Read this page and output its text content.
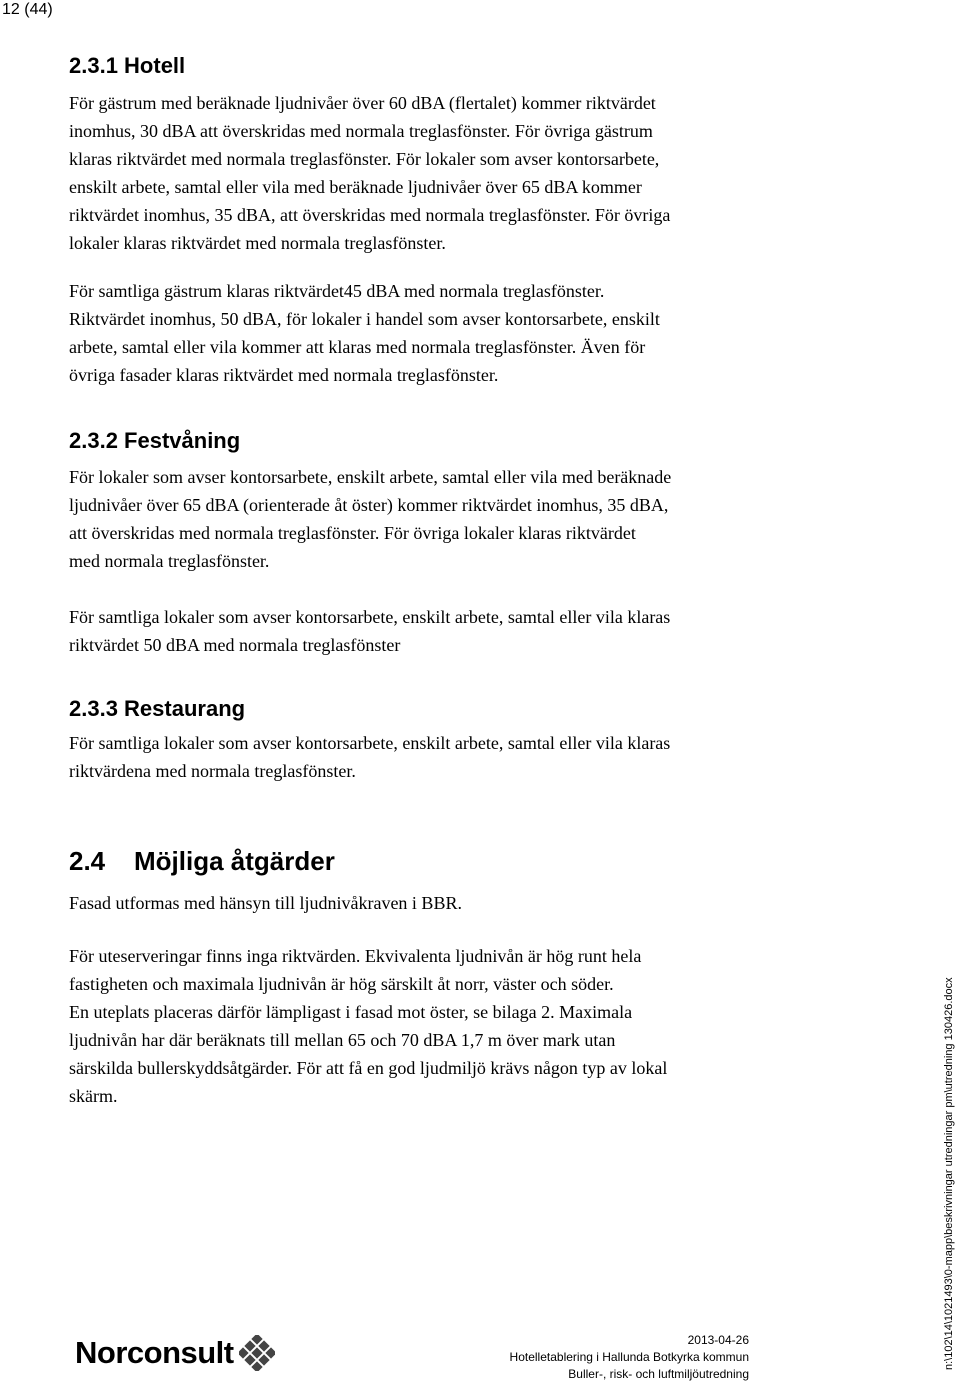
12 (44)
2.3.1 Hotell

För gästrum med beräknade ljudnivåer över 60 dBA (flertalet) kommer riktvärdet
inomhus, 30 dBA att överskridas med normala treglasfönster. För övriga gästrum
klaras riktvärdet med normala treglasfönster. För lokaler som avser kontorsarbete,
enskilt arbete, samtal eller vila med beräknade ljudnivåer över 65 dBA kommer
riktvärdet inomhus, 35 dBA, att överskridas med normala treglasfönster. För övriga
lokaler klaras riktvärdet med normala treglasfönster.

För samtliga gästrum klaras riktvärdet45 dBA med normala treglasfönster.
Riktvärdet inomhus, 50 dBA, för lokaler i handel som avser kontorsarbete, enskilt
arbete, samtal eller vila kommer att klaras med normala treglasfönster. Även för
övriga fasader klaras riktvärdet med normala treglasfönster.

2.3.2 Festvåning

För lokaler som avser kontorsarbete, enskilt arbete, samtal eller vila med beräknade
ljudnivåer över 65 dBA (orienterade åt öster) kommer riktvärdet inomhus, 35 dBA,
att överskridas med normala treglasfönster. För övriga lokaler klaras riktvärdet
med normala treglasfönster.

För samtliga lokaler som avser kontorsarbete, enskilt arbete, samtal eller vila klaras
riktvärdet 50 dBA med normala treglasfönster

2.3.3 Restaurang

För samtliga lokaler som avser kontorsarbete, enskilt arbete, samtal eller vila klaras
riktvärdena med normala treglasfönster.

2.4 Möjliga åtgärder

Fasad utformas med hänsyn till ljudnivåkraven i BBR.

För uteserveringar finns inga riktvärden. Ekvivalenta ljudnivån är hög runt hela
fastigheten och maximala ljudnivån är hög särskilt åt norr, väster och söder.
En uteplats placeras därför lämpligast i fasad mot öster, se bilaga 2. Maximala
ljudnivån har där beräknats till mellan 65 och 70 dBA 1,7 m över mark utan
särskilda bullerskyddsåtgärder. För att få en god ljudmiljö krävs någon typ av lokal
skärm.

Norconsult	2013-04-26
Hotelletablering i Hallunda Botkyrka kommun
Buller-, risk- och luftmiljöutredning
n:\102\14\1021493\0-mapp\beskrivningar utredningar pm\utredning 130426.docx
